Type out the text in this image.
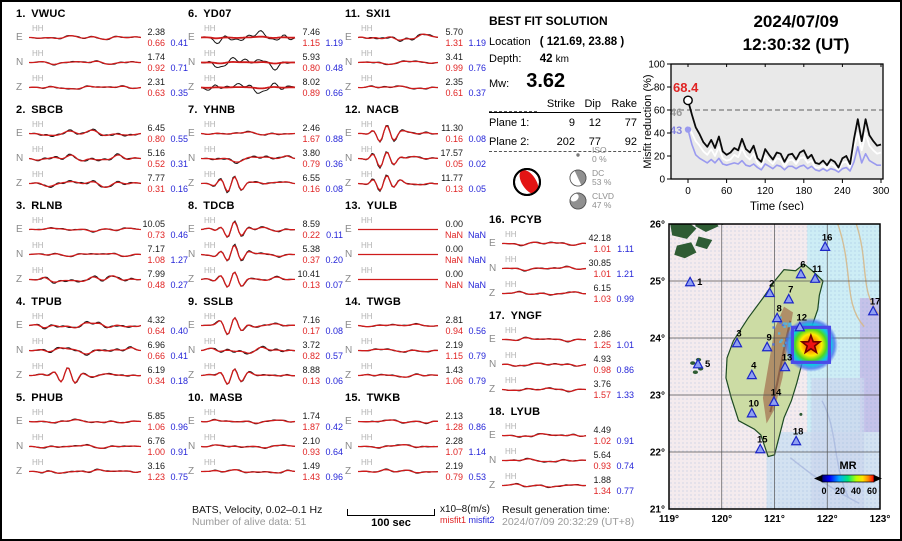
1. VWUC
E
HH	2.38
0.66 0.41
N
HH	1.74
0.92 0.71
Z
HH	2.31
0.63 0.35
2. SBCB
E
HH	6.45
0.80 0.55
N
HH	5.16
0.52 0.31
Z
HH	7.77
0.31 0.16
3. RLNB
E
HH	10.05
0.73 0.46
N
HH	7.17
1.08 1.27
Z
HH	7.99
0.48 0.27
4. TPUB
E
HH	4.32
0.64 0.40
N
HH	6.96
0.66 0.41
Z
HH	6.19
0.34 0.18
5. PHUB
E
HH	5.85
1.06 0.96
N
HH	6.76
1.00 0.91
Z
HH	3.16
1.23 0.75
6. YD07
E
HH	7.46
1.15 1.19
N
HH	5.93
0.80 0.48
Z
HH	8.02
0.89 0.66
7. YHNB
E
HH	2.46
1.67 0.88
N
HH	3.80
0.79 0.36
Z
HH	6.55
0.16 0.08
8. TDCB
E
HH	8.59
0.22 0.11
N
HH	5.38
0.37 0.20
Z
HH	10.41
0.13 0.07
9. SSLB
E
HH	7.16
0.17 0.08
N
HH	3.72
0.82 0.57
Z
HH	8.88
0.13 0.06
10. MASB
E
HH	1.74
1.87 0.42
N
HH	2.10
0.93 0.64
Z
HH	1.49
1.43 0.96
11. SXI1
E
HH	5.70
1.31 1.19
N
HH	3.41
0.99 0.76
Z
HH	2.35
0.61 0.37
12. NACB
E
HH	11.30
0.16 0.08
N
HH	17.57
0.05 0.02
Z
HH	11.77
0.13 0.05
13. YULB
E
HH	0.00
NaN NaN
N
HH	0.00
NaN NaN
Z
HH	0.00
NaN NaN
14. TWGB
E
HH	2.81
0.94 0.56
N
HH	2.19
1.15 0.79
Z
HH	1.43
1.06 0.79
15. TWKB
E
HH	2.13
1.28 0.86
N
HH	2.28
1.07 1.14
Z
HH	2.19
0.79 0.53
16. PCYB
E
HH	42.18
1.01 1.11
N
HH	30.85
1.01 1.21
Z
HH	6.15
1.03 0.99
17. YNGF
E
HH	2.86
1.25 1.01
N
HH	4.93
0.98 0.86
Z
HH	3.76
1.57 1.33
18. LYUB
E
HH	4.49
1.02 0.91
N
HH	5.64
0.93 0.74
Z
HH	1.88
1.34 0.77
BEST FIT SOLUTION
Location ( 121.69, 23.88 )
Depth: 42 km
Mw: 3.62
Strike Dip Rake
Plane 1:	9	12	77
Plane 2:	202	77	92
ISO
0 %
DC
53 %
CLVD
47 %
2024/07/09
12:30:32 (UT)
68.4
46
43
0
20
40
60
80
100
0	60 120 180 240 300
Time (sec)
Misfit reduction (%)
1	2
3
4
5
6
7
8
9
10
11
12
13
14
15
16
17
18
MR
0 20 40 60
26°
25°
24°
23°
22°
21°
119°	120°	121°	122°	123°
BATS, Velocity, 0.02–0.1 Hz
Number of alive data: 51	100 sec
x10–8(m/s)
misfit1 misfit2
Result generation time:
2024/07/09 20:32:29 (UT+8)
